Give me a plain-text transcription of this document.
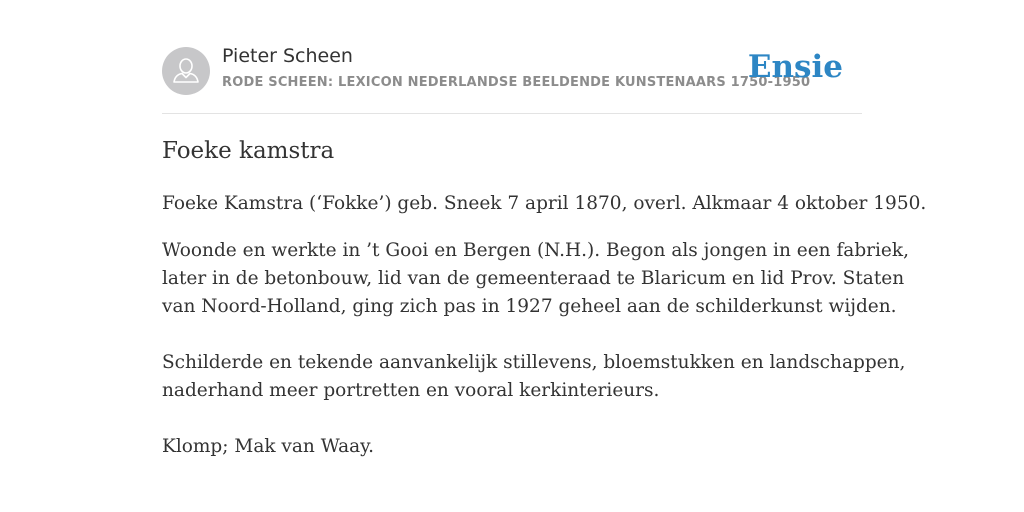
Pieter Scheen
RODE SCHEEN: LEXICON NEDERLANDSE BEELDENDE KUNSTENAARS 1750-1950
Ensie
Foeke kamstra

Foeke Kamstra (‘Fokke’) geb. Sneek 7 april 1870, overl. Alkmaar 4 oktober 1950.

Woonde en werkte in ’t Gooi en Bergen (N.H.). Begon als jongen in een fabriek,
later in de betonbouw, lid van de gemeenteraad te Blaricum en lid Prov. Staten
van Noord-Holland, ging zich pas in 1927 geheel aan de schilderkunst wijden.

Schilderde en tekende aanvankelijk stillevens, bloemstukken en landschappen,
naderhand meer portretten en vooral kerkinterieurs.

Klomp; Mak van Waay.
